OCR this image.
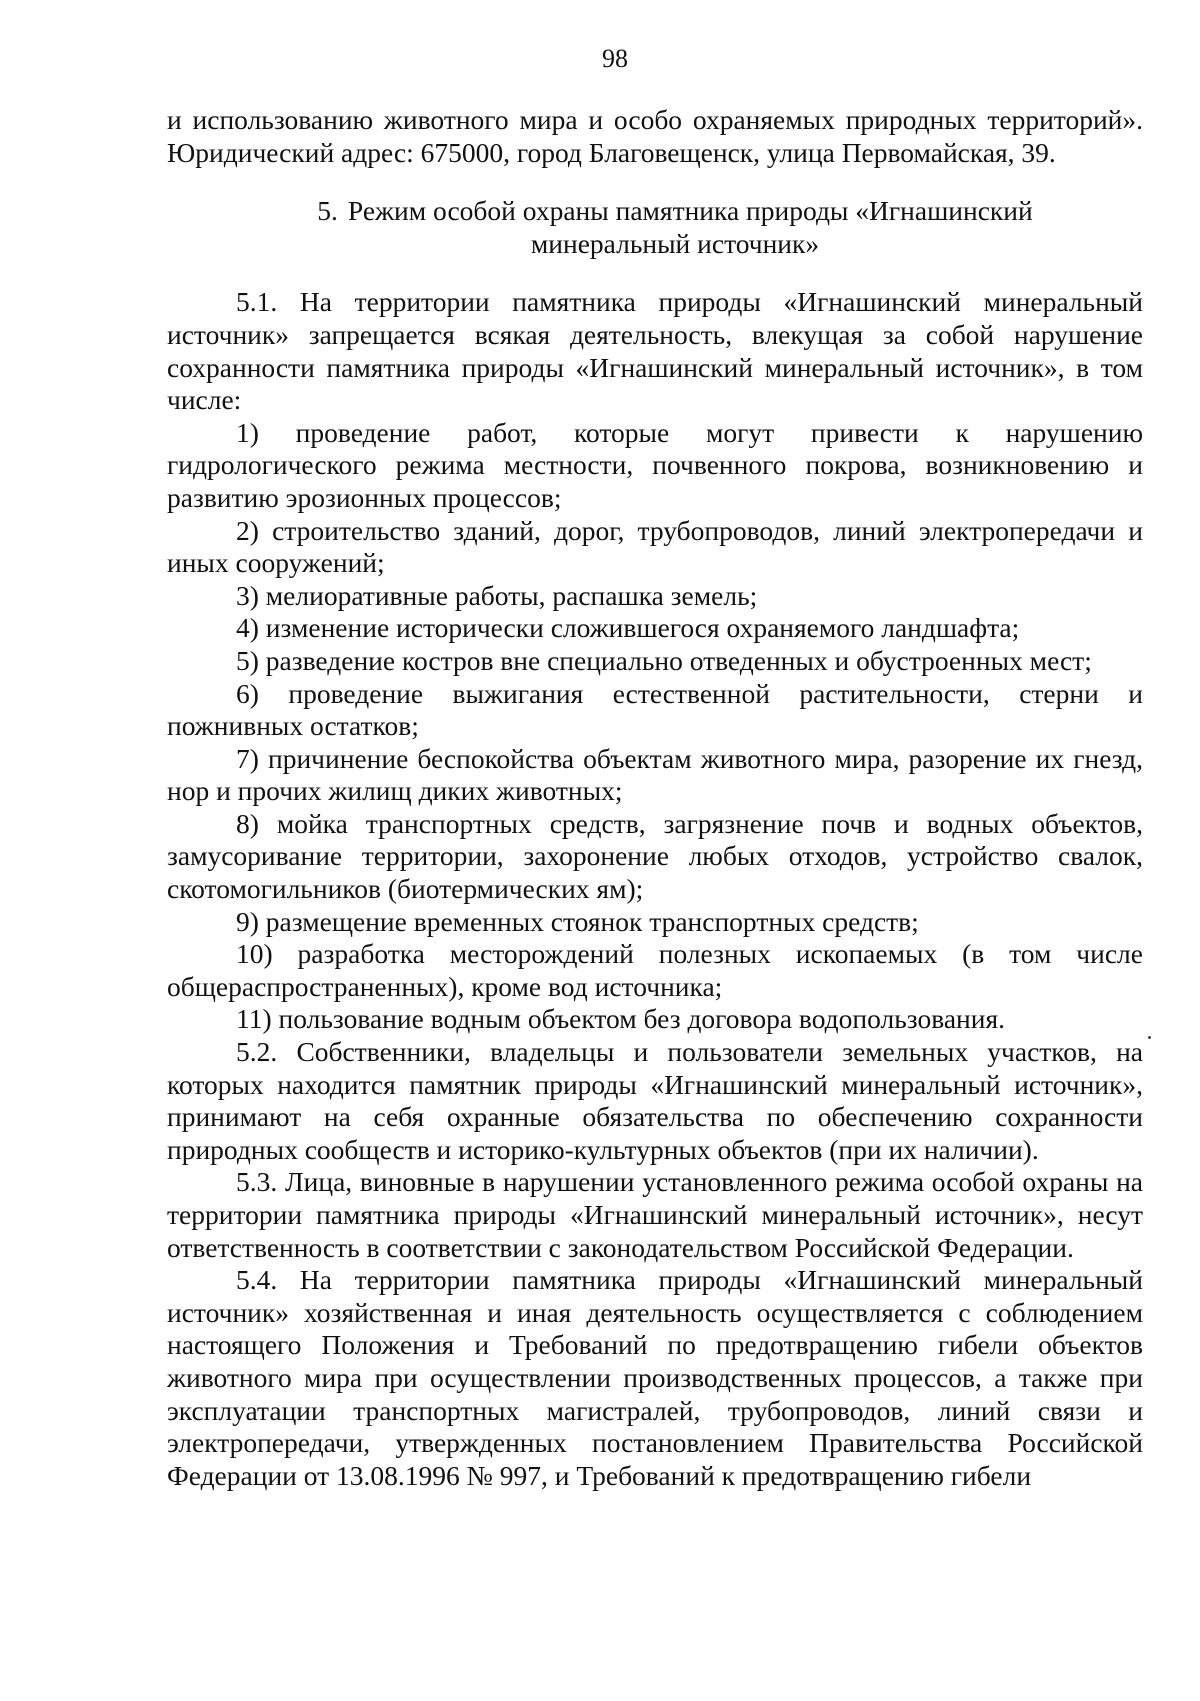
98

и использованию животного мира и особо охраняемых природных территорий». Юридический адрес: 675000, город Благовещенск, улица Первомайская, 39.

5. Режим особой охраны памятника природы «Игнашинский
минеральный источник»

5.1. На территории памятника природы «Игнашинский минеральный источник» запрещается всякая деятельность, влекущая за собой нарушение сохранности памятника природы «Игнашинский минеральный источник», в том числе:

1) проведение работ, которые могут привести к нарушению гидрологического режима местности, почвенного покрова, возникновению и развитию эрозионных процессов;

2) строительство зданий, дорог, трубопроводов, линий электропередачи и иных сооружений;

3) мелиоративные работы, распашка земель;

4) изменение исторически сложившегося охраняемого ландшафта;

5) разведение костров вне специально отведенных и обустроенных мест;

6) проведение выжигания естественной растительности, стерни и пожнивных остатков;

7) причинение беспокойства объектам животного мира, разорение их гнезд, нор и прочих жилищ диких животных;

8) мойка транспортных средств, загрязнение почв и водных объектов, замусоривание территории, захоронение любых отходов, устройство свалок, скотомогильников (биотермических ям);

9) размещение временных стоянок транспортных средств;

10) разработка месторождений полезных ископаемых (в том числе общераспространенных), кроме вод источника;

11) пользование водным объектом без договора водопользования.

5.2. Собственники, владельцы и пользователи земельных участков, на которых находится памятник природы «Игнашинский минеральный источник», принимают на себя охранные обязательства по обеспечению сохранности природных сообществ и историко-культурных объектов (при их наличии).

5.3. Лица, виновные в нарушении установленного режима особой охраны на территории памятника природы «Игнашинский минеральный источник», несут ответственность в соответствии с законодательством Российской Федерации.

5.4. На территории памятника природы «Игнашинский минеральный источник» хозяйственная и иная деятельность осуществляется с соблюдением настоящего Положения и Требований по предотвращению гибели объектов животного мира при осуществлении производственных процессов, а также при эксплуатации транспортных магистралей, трубопроводов, линий связи и электропередачи, утвержденных постановлением Правительства Российской Федерации от 13.08.1996 № 997, и Требований к предотвращению гибели
